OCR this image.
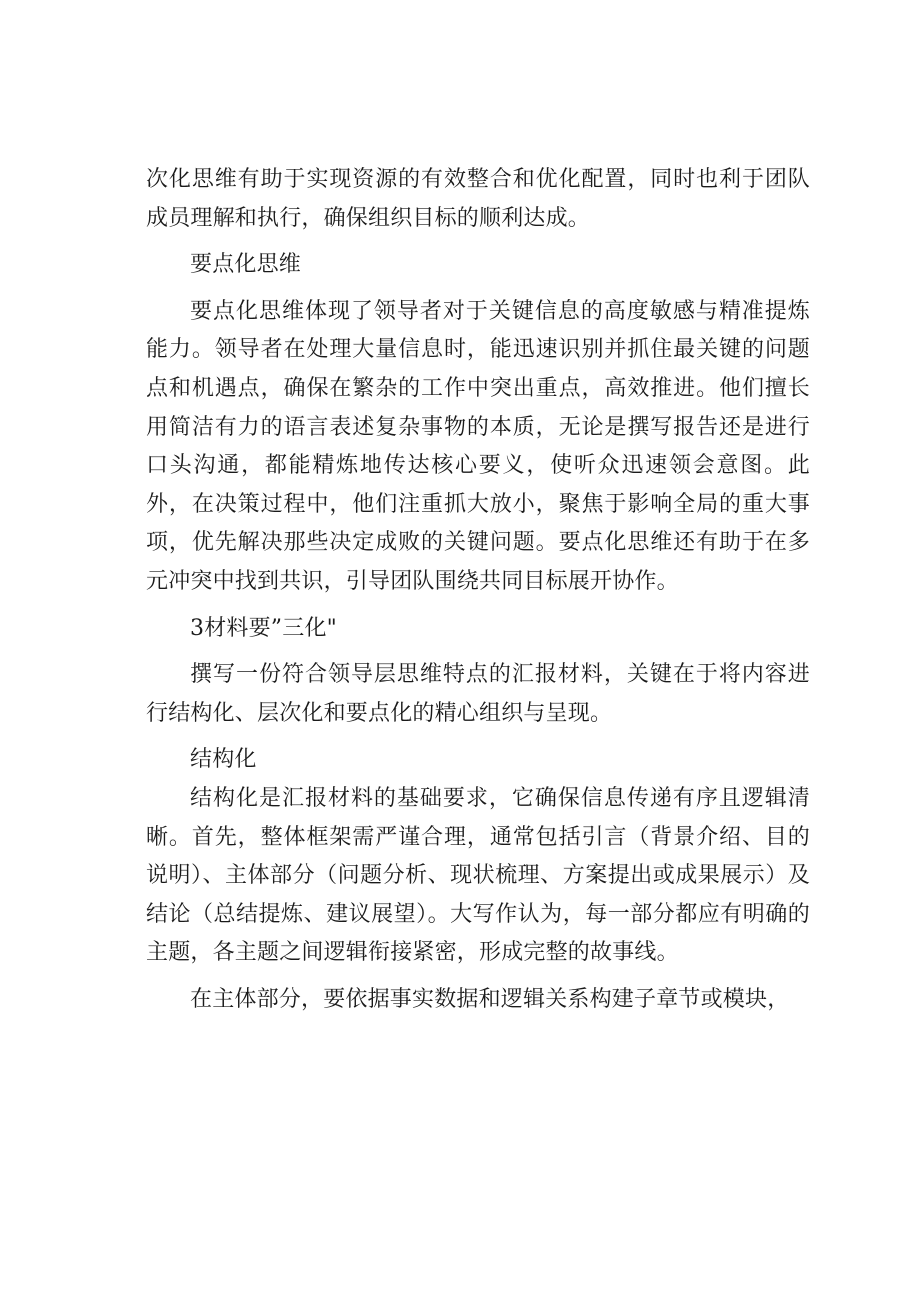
次化思维有助于实现资源的有效整合和优化配置，同时也利于团队成员理解和执行，确保组织目标的顺利达成。

要点化思维

要点化思维体现了领导者对于关键信息的高度敏感与精准提炼能力。领导者在处理大量信息时，能迅速识别并抓住最关键的问题点和机遇点，确保在繁杂的工作中突出重点，高效推进。他们擅长用简洁有力的语言表述复杂事物的本质，无论是撰写报告还是进行口头沟通，都能精炼地传达核心要义，使听众迅速领会意图。此外，在决策过程中，他们注重抓大放小，聚焦于影响全局的重大事项，优先解决那些决定成败的关键问题。要点化思维还有助于在多元冲突中找到共识，引导团队围绕共同目标展开协作。

3材料要”三化"

撰写一份符合领导层思维特点的汇报材料，关键在于将内容进行结构化、层次化和要点化的精心组织与呈现。

结构化

结构化是汇报材料的基础要求，它确保信息传递有序且逻辑清晰。首先，整体框架需严谨合理，通常包括引言（背景介绍、目的说明）、主体部分（问题分析、现状梳理、方案提出或成果展示）及结论（总结提炼、建议展望）。大写作认为，每一部分都应有明确的主题，各主题之间逻辑衔接紧密，形成完整的故事线。

在主体部分，要依据事实数据和逻辑关系构建子章节或模块，
